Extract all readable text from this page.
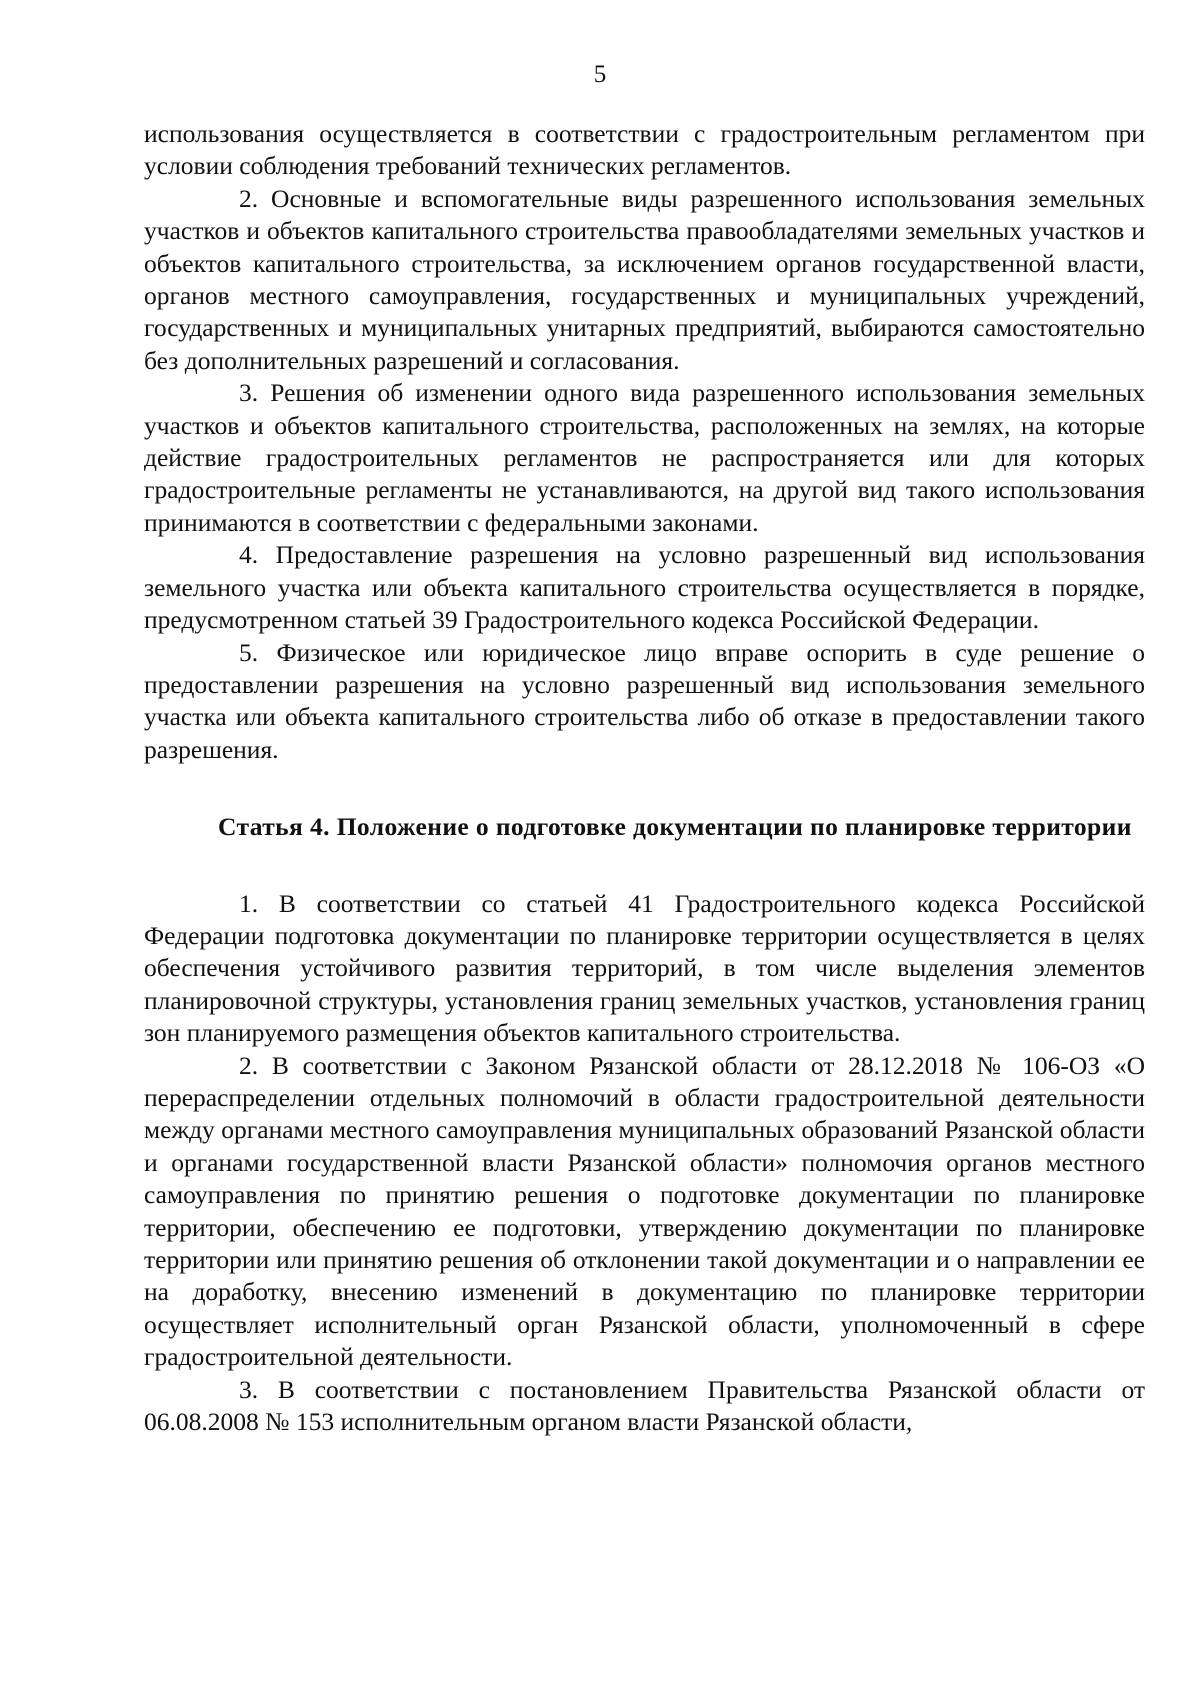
5

использования осуществляется в соответствии с градостроительным регламентом при условии соблюдения требований технических регламентов.

2. Основные и вспомогательные виды разрешенного использования земельных участков и объектов капитального строительства правообладателями земельных участков и объектов капитального строительства, за исключением органов государственной власти, органов местного самоуправления, государственных и муниципальных учреждений, государственных и муниципальных унитарных предприятий, выбираются самостоятельно без дополнительных разрешений и согласования.

3. Решения об изменении одного вида разрешенного использования земельных участков и объектов капитального строительства, расположенных на землях, на которые действие градостроительных регламентов не распространяется или для которых градостроительные регламенты не устанавливаются, на другой вид такого использования принимаются в соответствии с федеральными законами.

4. Предоставление разрешения на условно разрешенный вид использования земельного участка или объекта капитального строительства осуществляется в порядке, предусмотренном статьей 39 Градостроительного кодекса Российской Федерации.

5. Физическое или юридическое лицо вправе оспорить в суде решение о предоставлении разрешения на условно разрешенный вид использования земельного участка или объекта капитального строительства либо об отказе в предоставлении такого разрешения.

Статья 4. Положение о подготовке документации по планировке территории

1. В соответствии со статьей 41 Градостроительного кодекса Российской Федерации подготовка документации по планировке территории осуществляется в целях обеспечения устойчивого развития территорий, в том числе выделения элементов планировочной структуры, установления границ земельных участков, установления границ зон планируемого размещения объектов капитального строительства.

2. В соответствии с Законом Рязанской области от 28.12.2018 № 106-ОЗ «О перераспределении отдельных полномочий в области градостроительной деятельности между органами местного самоуправления муниципальных образований Рязанской области и органами государственной власти Рязанской области» полномочия органов местного самоуправления по принятию решения о подготовке документации по планировке территории, обеспечению ее подготовки, утверждению документации по планировке территории или принятию решения об отклонении такой документации и о направлении ее на доработку, внесению изменений в документацию по планировке территории осуществляет исполнительный орган Рязанской области, уполномоченный в сфере градостроительной деятельности.

3. В соответствии с постановлением Правительства Рязанской области от 06.08.2008 № 153 исполнительным органом власти Рязанской области,
